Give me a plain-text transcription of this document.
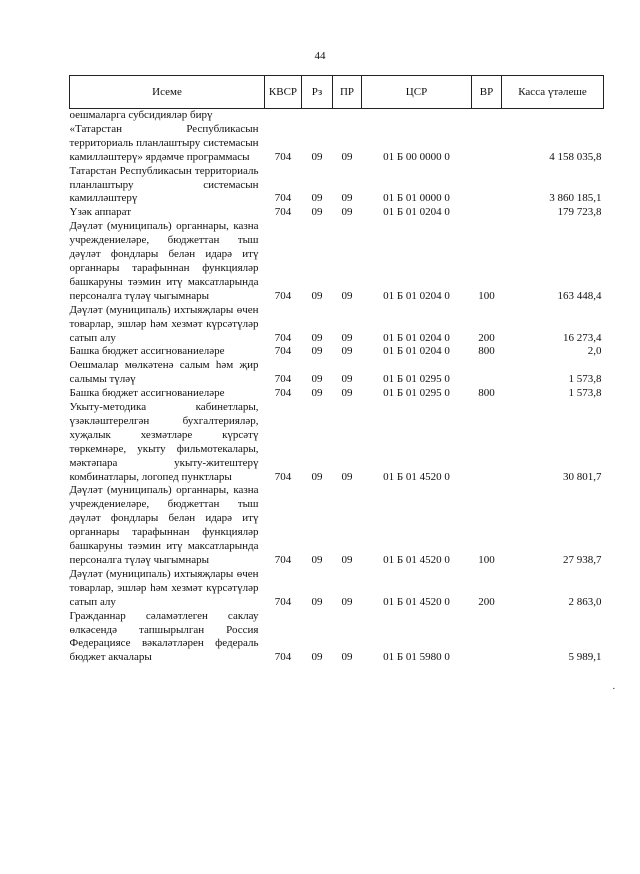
44
Исеме	КВСР	Рз	ПР	ЦСР	ВР	Касса үтәлеше
оешмаларга субсидияләр бирү						
«Татарстан Республикасын территориаль планлаштыру системасын камилләштерү» ярдәмче программасы	704	09	09	01 Б 00 0000 0		4 158 035,8
Татарстан Республикасын территориаль планлаштыру системасын камилләштерү	704	09	09	01 Б 01 0000 0		3 860 185,1
Үзәк аппарат	704	09	09	01 Б 01 0204 0		179 723,8
Дәүләт (муниципаль) органнары, казна учреждениеләре, бюджеттан тыш дәүләт фондлары белән идарә итү органнары тарафыннан функцияләр башкаруны тәэмин итү максатларында персоналга түләү чыгымнары	704	09	09	01 Б 01 0204 0	100	163 448,4
Дәүләт (муниципаль) ихтыяҗлары өчен товарлар, эшләр һәм хезмәт күрсәтүләр сатып алу	704	09	09	01 Б 01 0204 0	200	16 273,4
Башка бюджет ассигнованиеләре	704	09	09	01 Б 01 0204 0	800	2,0
Оешмалар мөлкәтенә салым һәм җир салымы түләү	704	09	09	01 Б 01 0295 0		1 573,8
Башка бюджет ассигнованиеләре	704	09	09	01 Б 01 0295 0	800	1 573,8
Укыту-методика кабинетлары, үзәкләштерелгән бухгалтерияләр, хуҗалык хезмәтләре күрсәтү төркемнәре, укыту фильмотекалары, мәктәпара укыту-житештерү комбинатлары, логопед пунктлары	704	09	09	01 Б 01 4520 0		30 801,7
Дәүләт (муниципаль) органнары, казна учреждениеләре, бюджеттан тыш дәүләт фондлары белән идарә итү органнары тарафыннан функцияләр башкаруны тәэмин итү максатларында персоналга түләү чыгымнары	704	09	09	01 Б 01 4520 0	100	27 938,7
Дәүләт (муниципаль) ихтыяҗлары өчен товарлар, эшләр һәм хезмәт күрсәтүләр сатып алу	704	09	09	01 Б 01 4520 0	200	2 863,0
Гражданнар сәламәтлеген саклау өлкәсендә тапшырылган Россия Федерациясе вәкаләтләрен федераль бюджет акчалары	704	09	09	01 Б 01 5980 0		5 989,1
·
